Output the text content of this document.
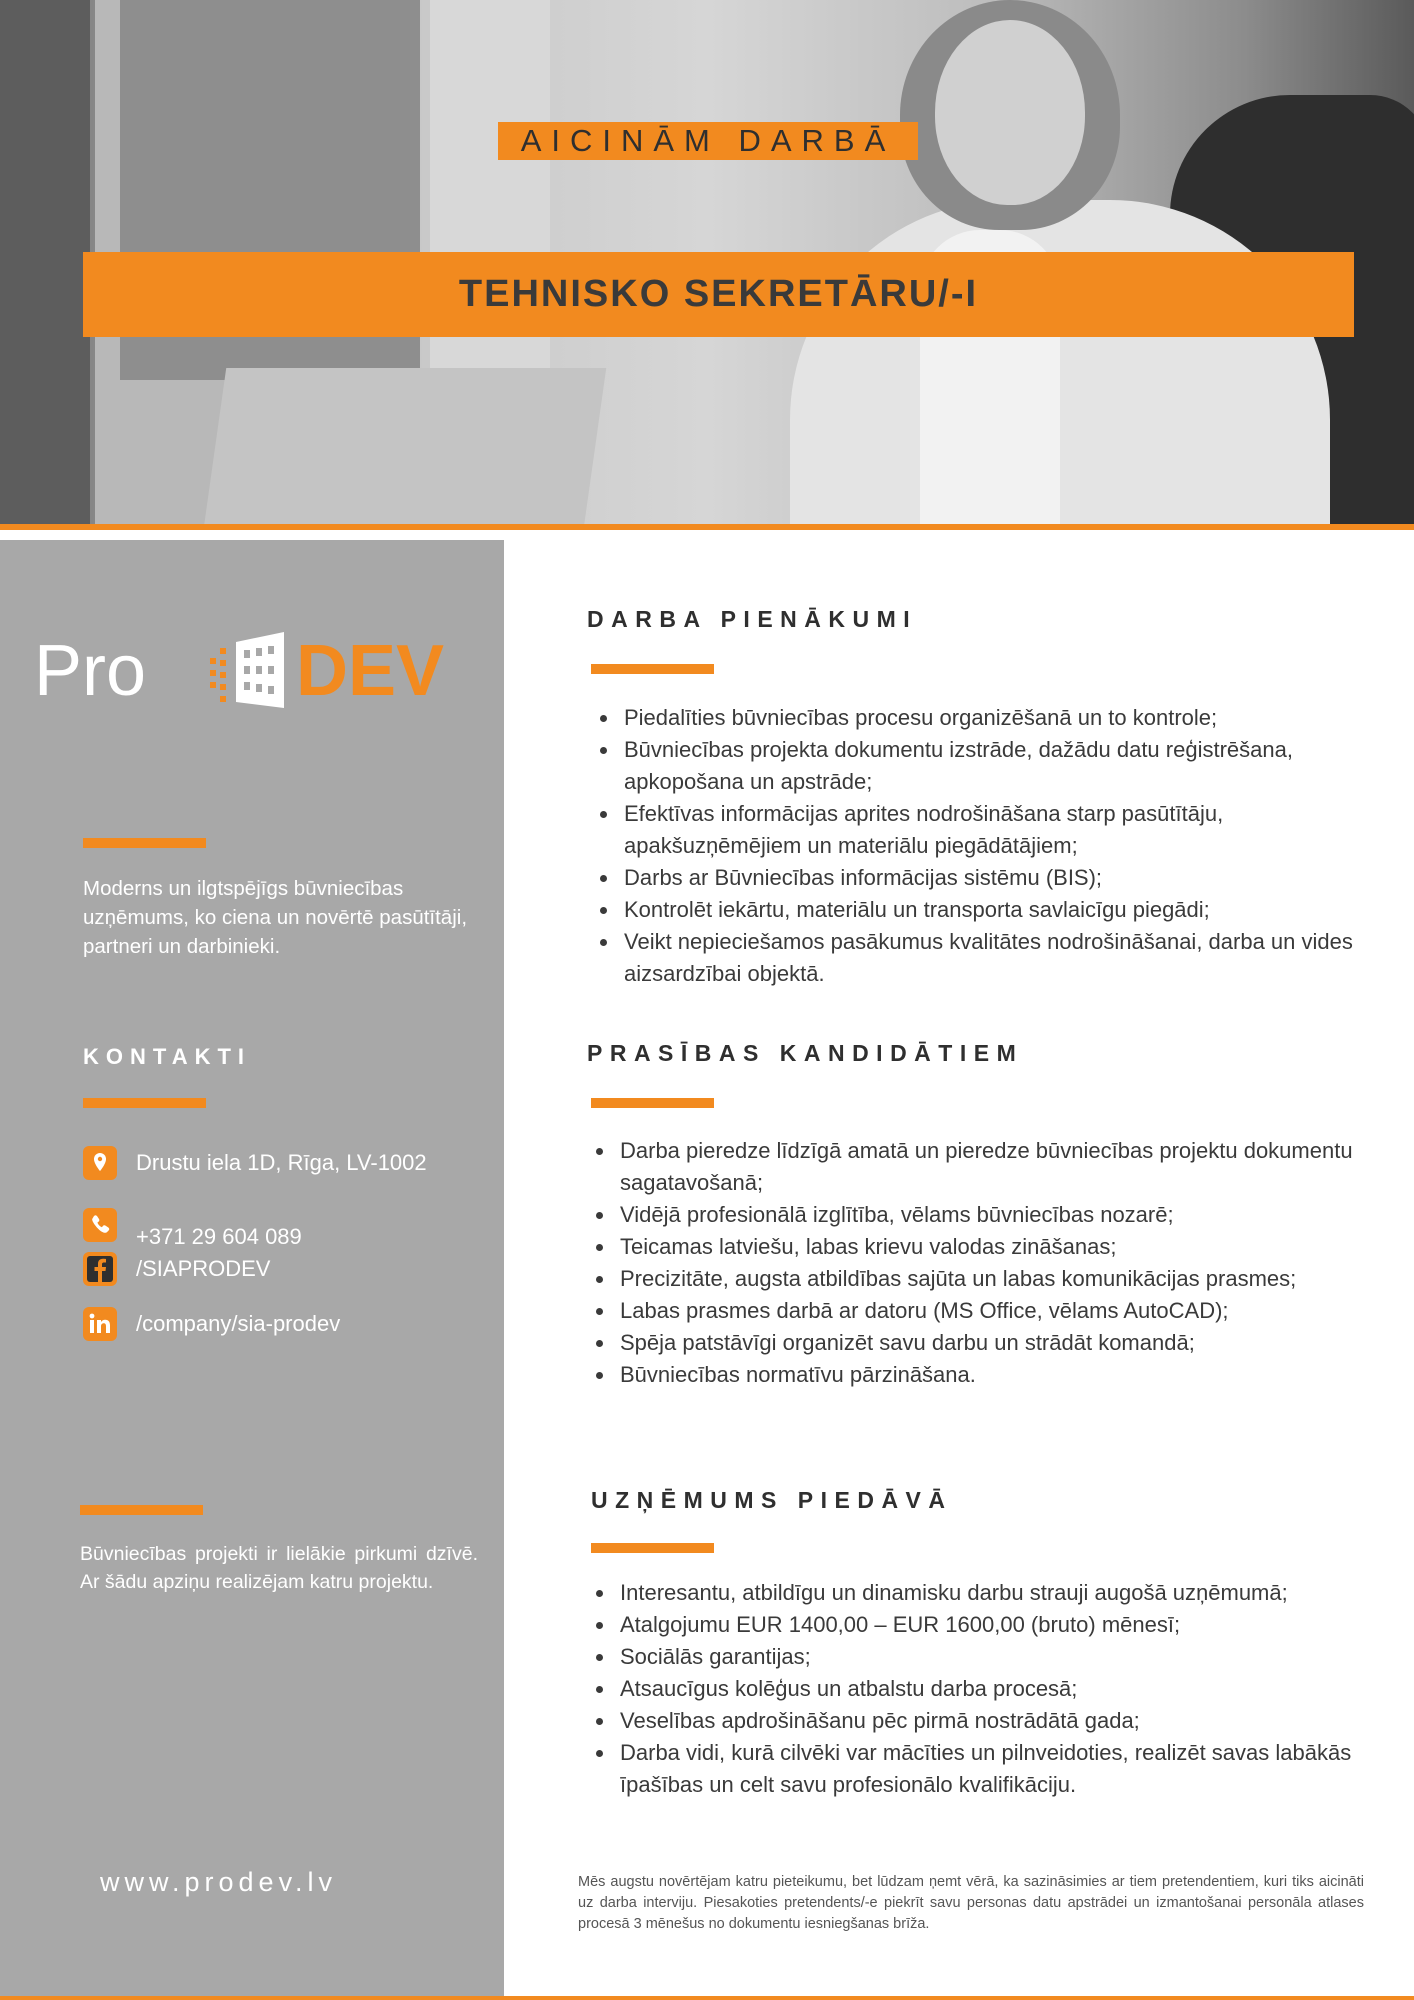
AICINĀM DARBĀ
TEHNISKO SEKRETĀRU/-I
Pro DEV
Moderns un ilgtspējīgs būvniecības uzņēmums, ko ciena un novērtē pasūtītāji, partneri un darbinieki.
KONTAKTI
Drustu iela 1D, Rīga, LV-1002
+371 29 604 089
/SIAPRODEV
/company/sia-prodev
Būvniecības projekti ir lielākie pirkumi dzīvē. Ar šādu apziņu realizējam katru projektu.
www.prodev.lv
DARBA PIENĀKUMI
Piedalīties būvniecības procesu organizēšanā un to kontrole;
Būvniecības projekta dokumentu izstrāde, dažādu datu reģistrēšana, apkopošana un apstrāde;
Efektīvas informācijas aprites nodrošināšana starp pasūtītāju, apakšuzņēmējiem un materiālu piegādātājiem;
Darbs ar Būvniecības informācijas sistēmu (BIS);
Kontrolēt iekārtu, materiālu un transporta savlaicīgu piegādi;
Veikt nepieciešamos pasākumus kvalitātes nodrošināšanai, darba un vides aizsardzībai objektā.
PRASĪBAS KANDIDĀTIEM
Darba pieredze līdzīgā amatā un pieredze būvniecības projektu dokumentu sagatavošanā;
Vidējā profesionālā izglītība, vēlams būvniecības nozarē;
Teicamas latviešu, labas krievu valodas zināšanas;
Precizitāte, augsta atbildības sajūta un labas komunikācijas prasmes;
Labas prasmes darbā ar datoru (MS Office, vēlams AutoCAD);
Spēja patstāvīgi organizēt savu darbu un strādāt komandā;
Būvniecības normatīvu pārzināšana.
UZŅĒMUMS PIEDĀVĀ
Interesantu, atbildīgu un dinamisku darbu strauji augošā uzņēmumā;
Atalgojumu EUR 1400,00 – EUR 1600,00 (bruto) mēnesī;
Sociālās garantijas;
Atsaucīgus kolēģus un atbalstu darba procesā;
Veselības apdrošināšanu pēc pirmā nostrādātā gada;
Darba vidi, kurā cilvēki var mācīties un pilnveidoties, realizēt savas labākās īpašības un celt savu profesionālo kvalifikāciju.
Mēs augstu novērtējam katru pieteikumu, bet lūdzam ņemt vērā, ka sazināsimies ar tiem pretendentiem, kuri tiks aicināti uz darba interviju. Piesakoties pretendents/-e piekrīt savu personas datu apstrādei un izmantošanai personāla atlases procesā 3 mēnešus no dokumentu iesniegšanas brīža.
